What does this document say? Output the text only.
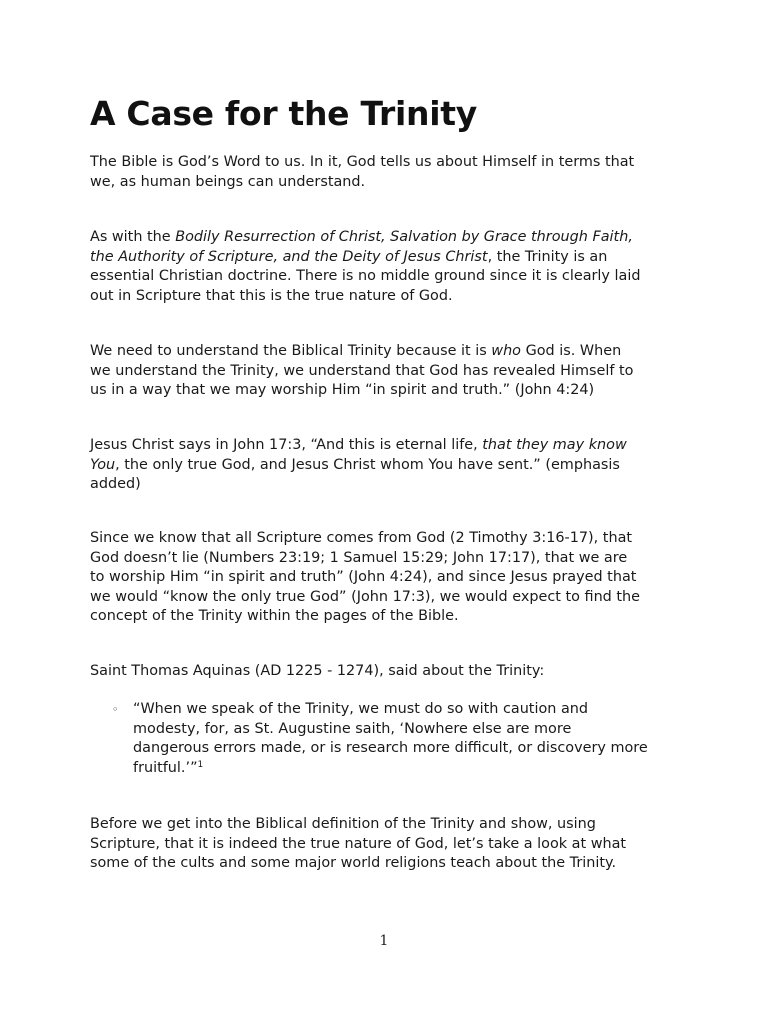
A Case for the Trinity

The Bible is God’s Word to us. In it, God tells us about Himself in terms that
we, as human beings can understand.

As with the Bodily Resurrection of Christ, Salvation by Grace through Faith,
the Authority of Scripture, and the Deity of Jesus Christ, the Trinity is an
essential Christian doctrine. There is no middle ground since it is clearly laid
out in Scripture that this is the true nature of God.

We need to understand the Biblical Trinity because it is who God is. When
we understand the Trinity, we understand that God has revealed Himself to
us in a way that we may worship Him “in spirit and truth.” (John 4:24)

Jesus Christ says in John 17:3, “And this is eternal life, that they may know
You, the only true God, and Jesus Christ whom You have sent.” (emphasis
added)

Since we know that all Scripture comes from God (2 Timothy 3:16-17), that
God doesn’t lie (Numbers 23:19; 1 Samuel 15:29; John 17:17), that we are
to worship Him “in spirit and truth” (John 4:24), and since Jesus prayed that
we would “know the only true God” (John 17:3), we would expect to find the
concept of the Trinity within the pages of the Bible.

Saint Thomas Aquinas (AD 1225 - 1274), said about the Trinity:

◦ “When we speak of the Trinity, we must do so with caution and
modesty, for, as St. Augustine saith, ‘Nowhere else are more
dangerous errors made, or is research more difficult, or discovery more
fruitful.’”$^1$

Before we get into the Biblical definition of the Trinity and show, using
Scripture, that it is indeed the true nature of God, let’s take a look at what
some of the cults and some major world religions teach about the Trinity.

1
